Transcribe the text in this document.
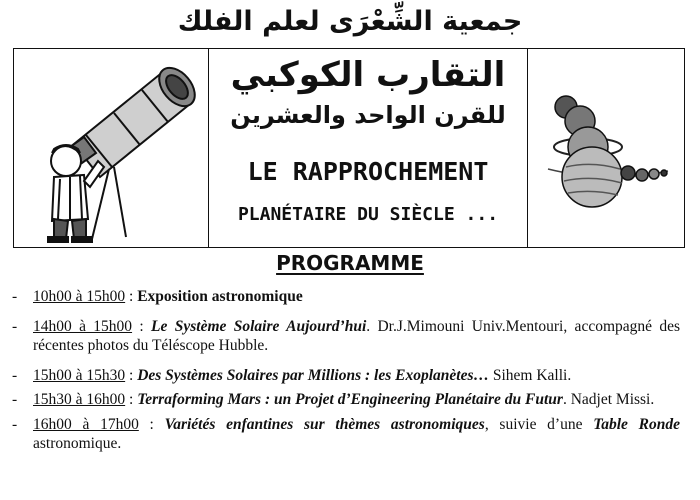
جمعية الشِّعْرَى لعلم الفلك
التقارب الكوكبي
للقرن الواحد والعشرين
LE RAPPROCHEMENT
PLANÉTAIRE DU SIÈCLE ...
PROGRAMME
- 10h00 à 15h00 : Exposition astronomique
- 14h00 à 15h00 : Le Système Solaire Aujourd’hui. Dr.J.Mimouni Univ.Mentouri, accompagné des récentes photos du Téléscope Hubble.
- 15h00 à 15h30 : Des Systèmes Solaires par Millions : les Exoplanètes… Sihem Kalli.
- 15h30 à 16h00 : Terraforming Mars : un Projet d’Engineering Planétaire du Futur. Nadjet Missi.
- 16h00 à 17h00 : Variétés enfantines sur thèmes astronomiques, suivie d’une Table Ronde astronomique.
